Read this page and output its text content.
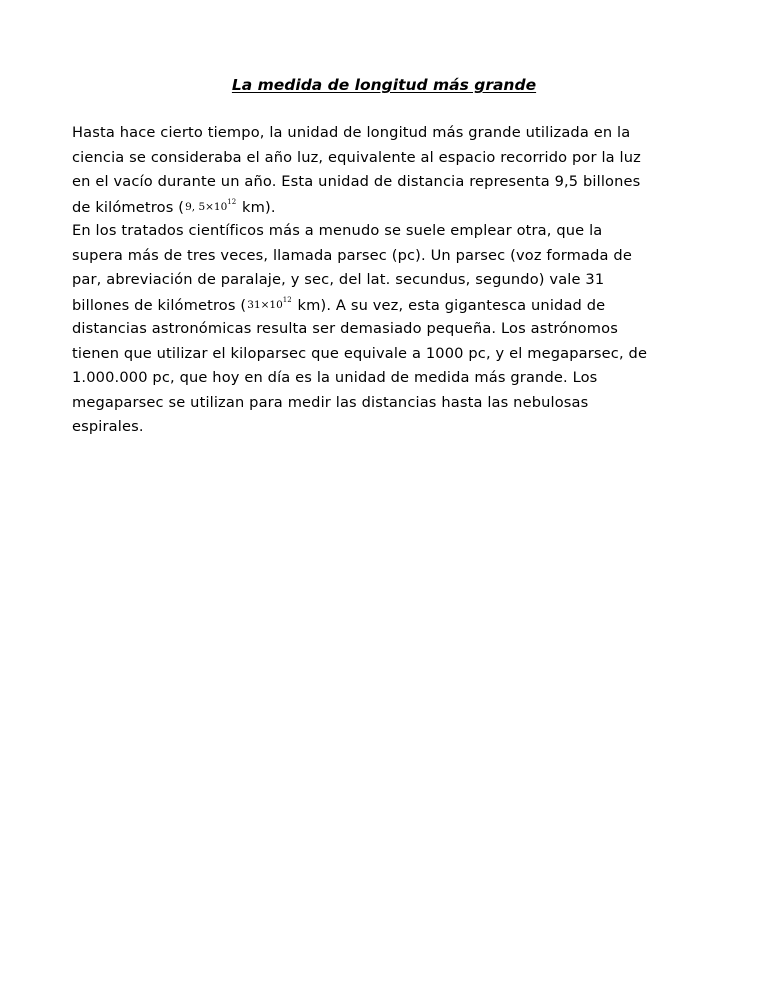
La medida de longitud más grande
Hasta hace cierto tiempo, la unidad de longitud más grande utilizada en la
ciencia se consideraba el año luz, equivalente al espacio recorrido por la luz
en el vacío durante un año. Esta unidad de distancia representa 9,5 billones
de kilómetros (9, $5\times 10^{12}$ km).
En los tratados científicos más a menudo se suele emplear otra, que la
supera más de tres veces, llamada parsec (pc). Un parsec (voz formada de
par, abreviación de paralaje, y sec, del lat. secundus, segundo) vale 31
billones de kilómetros ($31\times 10^{12}$ km). A su vez, esta gigantesca unidad de
distancias astronómicas resulta ser demasiado pequeña. Los astrónomos
tienen que utilizar el kiloparsec que equivale a 1000 pc, y el megaparsec, de
1.000.000 pc, que hoy en día es la unidad de medida más grande. Los
megaparsec se utilizan para medir las distancias hasta las nebulosas
espirales.
